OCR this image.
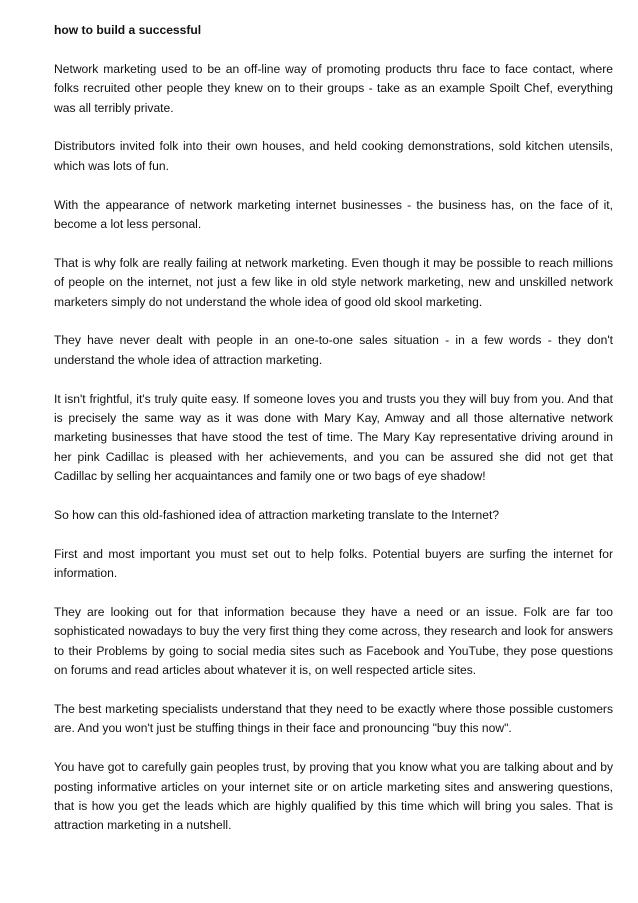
how to build a successful

Network marketing used to be an off-line way of promoting products thru face to face contact, where folks recruited other people they knew on to their groups - take as an example Spoilt Chef, everything was all terribly private.

Distributors invited folk into their own houses, and held cooking demonstrations, sold kitchen utensils, which was lots of fun.

With the appearance of network marketing internet businesses - the business has, on the face of it, become a lot less personal.

That is why folk are really failing at network marketing. Even though it may be possible to reach millions of people on the internet, not just a few like in old style network marketing, new and unskilled network marketers simply do not understand the whole idea of good old skool marketing.

They have never dealt with people in an one-to-one sales situation - in a few words - they don't understand the whole idea of attraction marketing.

It isn't frightful, it's truly quite easy. If someone loves you and trusts you they will buy from you. And that is precisely the same way as it was done with Mary Kay, Amway and all those alternative network marketing businesses that have stood the test of time. The Mary Kay representative driving around in her pink Cadillac is pleased with her achievements, and you can be assured she did not get that Cadillac by selling her acquaintances and family one or two bags of eye shadow!

So how can this old-fashioned idea of attraction marketing translate to the Internet?

First and most important you must set out to help folks. Potential buyers are surfing the internet for information.

They are looking out for that information because they have a need or an issue. Folk are far too sophisticated nowadays to buy the very first thing they come across, they research and look for answers to their Problems by going to social media sites such as Facebook and YouTube, they pose questions on forums and read articles about whatever it is, on well respected article sites.

The best marketing specialists understand that they need to be exactly where those possible customers are. And you won't just be stuffing things in their face and pronouncing "buy this now".

You have got to carefully gain peoples trust, by proving that you know what you are talking about and by posting informative articles on your internet site or on article marketing sites and answering questions, that is how you get the leads which are highly qualified by this time which will bring you sales. That is attraction marketing in a nutshell.
